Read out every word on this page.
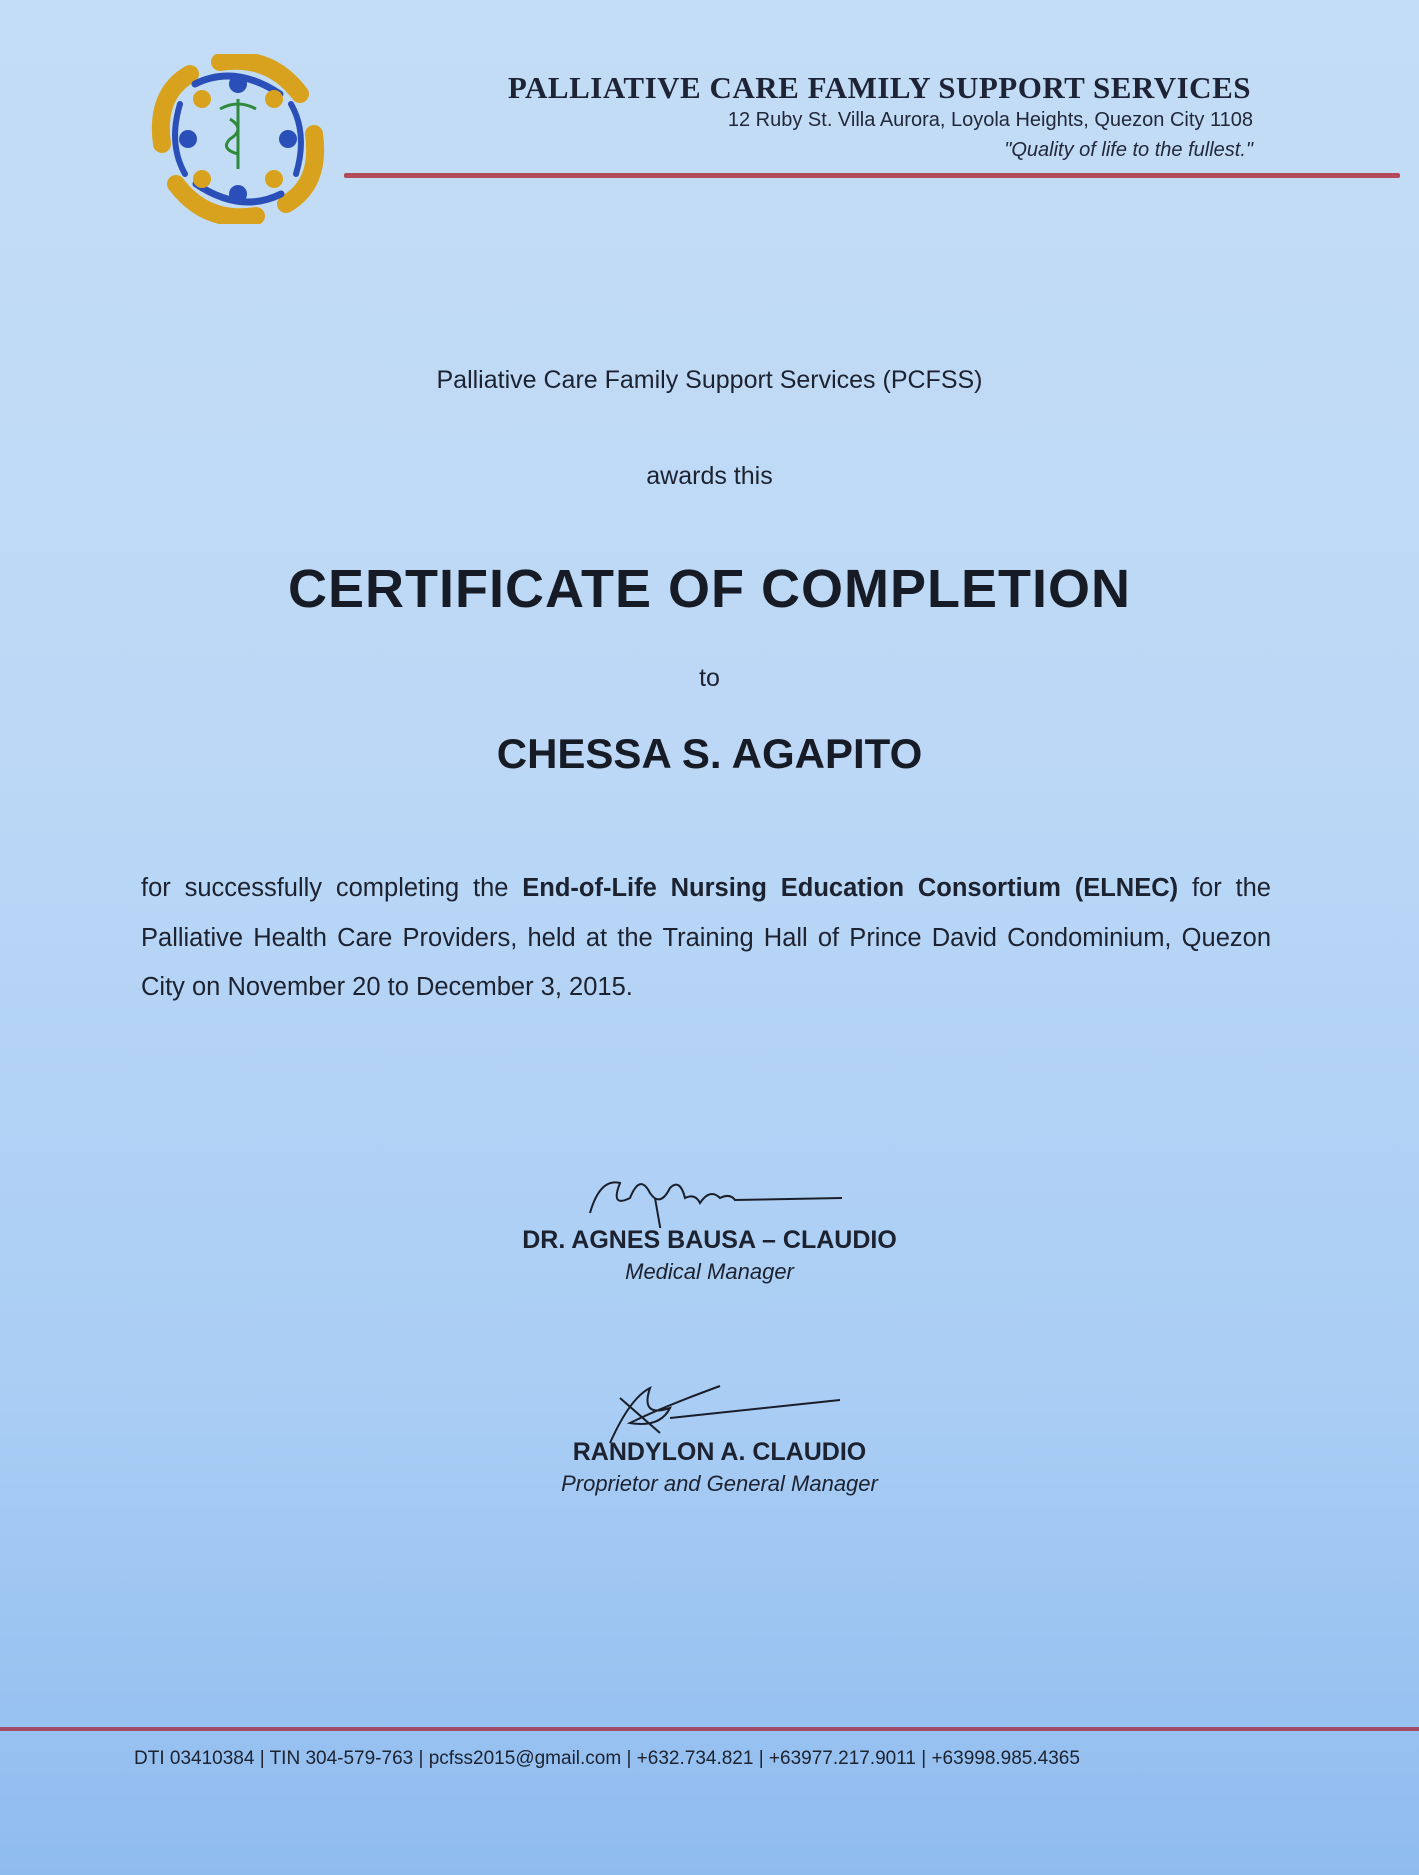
PALLIATIVE CARE FAMILY SUPPORT SERVICES
12 Ruby St. Villa Aurora, Loyola Heights, Quezon City 1108
"Quality of life to the fullest."
Palliative Care Family Support Services (PCFSS)
awards this
CERTIFICATE OF COMPLETION
to
CHESSA S. AGAPITO
for successfully completing the End-of-Life Nursing Education Consortium (ELNEC) for the Palliative Health Care Providers, held at the Training Hall of Prince David Condominium, Quezon City on November 20 to December 3, 2015.
DR. AGNES BAUSA – CLAUDIO
Medical Manager
RANDYLON A. CLAUDIO
Proprietor and General Manager
DTI 03410384 | TIN 304-579-763 | pcfss2015@gmail.com | +632.734.821 | +63977.217.9011 | +63998.985.4365
